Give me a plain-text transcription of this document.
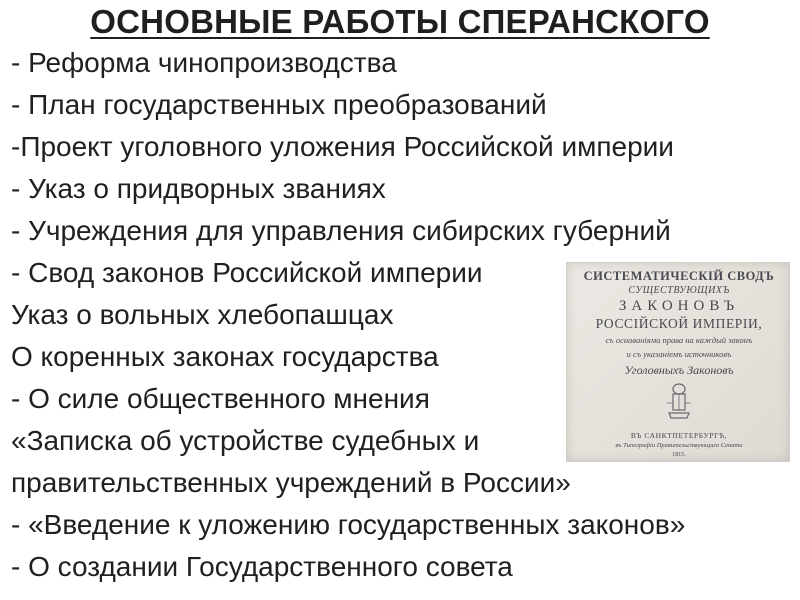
ОСНОВНЫЕ РАБОТЫ СПЕРАНСКОГО
- Реформа чинопроизводства
- План государственных преобразований
-Проект уголовного уложения Российской империи
- Указ о придворных званиях
- Учреждения для управления сибирских губерний
- Свод законов Российской империи
Указ о вольных хлебопашцах
О коренных законах государства
- О силе общественного мнения
«Записка об устройстве судебных и
правительственных учреждений в России»
- «Введение к уложению государственных законов»
- О создании Государственного совета
СИСТЕМАТИЧЕСКІЙ СВОДЪ
СУЩЕСТВУЮЩИХЪ
ЗАКОНОВЪ
РОССІЙСКОЙ ИМПЕРІИ,
съ основаніями права на каждый законъ
и съ указаніемъ источниковъ
Уголовныхъ Законовъ
ВЪ САНКТПЕТЕРБУРГѢ,
въ Типографіи Правительствующаго Сената
1815.
